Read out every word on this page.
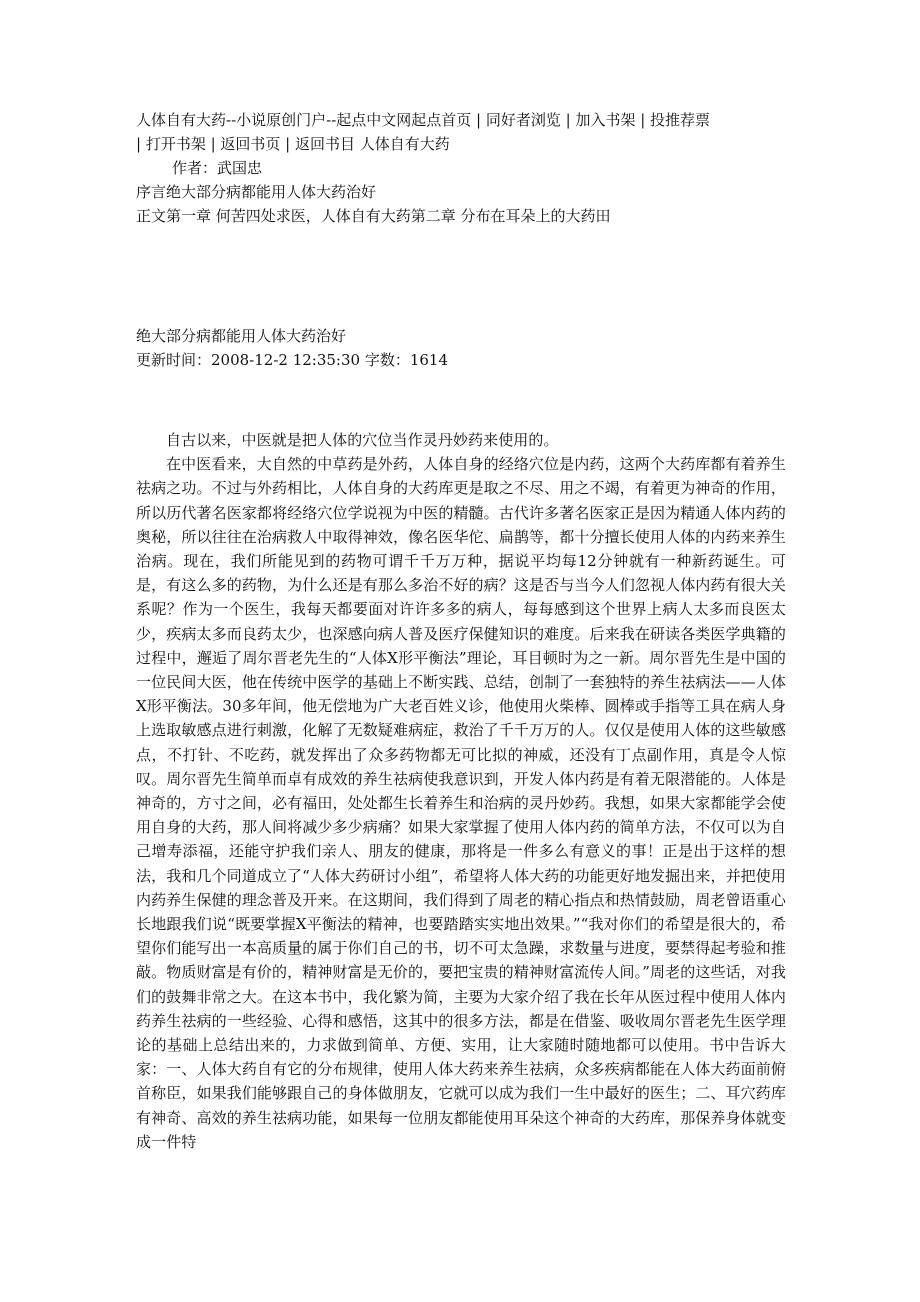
人体自有大药--小说原创门户--起点中文网起点首页 | 同好者浏览 | 加入书架 | 投推荐票

| 打开书架 | 返回书页 | 返回书目 人体自有大药

作者：武国忠

序言绝大部分病都能用人体大药治好

正文第一章 何苦四处求医，人体自有大药第二章 分布在耳朵上的大药田

绝大部分病都能用人体大药治好

更新时间：2008-12-2 12:35:30 字数：1614

自古以来，中医就是把人体的穴位当作灵丹妙药来使用的。

在中医看来，大自然的中草药是外药，人体自身的经络穴位是内药，这两个大药库都有着养生祛病之功。不过与外药相比，人体自身的大药库更是取之不尽、用之不竭，有着更为神奇的作用，所以历代著名医家都将经络穴位学说视为中医的精髓。古代许多著名医家正是因为精通人体内药的奥秘，所以往往在治病救人中取得神效，像名医华佗、扁鹊等，都十分擅长使用人体的内药来养生治病。现在，我们所能见到的药物可谓千千万万种，据说平均每12分钟就有一种新药诞生。可是，有这么多的药物，为什么还是有那么多治不好的病？这是否与当今人们忽视人体内药有很大关系呢？作为一个医生，我每天都要面对许许多多的病人，每每感到这个世界上病人太多而良医太少，疾病太多而良药太少，也深感向病人普及医疗保健知识的难度。后来我在研读各类医学典籍的过程中，邂逅了周尔晋老先生的“人体X形平衡法”理论，耳目顿时为之一新。周尔晋先生是中国的一位民间大医，他在传统中医学的基础上不断实践、总结，创制了一套独特的养生祛病法——人体X形平衡法。30多年间，他无偿地为广大老百姓义诊，他使用火柴棒、圆棒或手指等工具在病人身上选取敏感点进行刺激，化解了无数疑难病症，救治了千千万万的人。仅仅是使用人体的这些敏感点，不打针、不吃药，就发挥出了众多药物都无可比拟的神威，还没有丁点副作用，真是令人惊叹。周尔晋先生简单而卓有成效的养生祛病使我意识到，开发人体内药是有着无限潜能的。人体是神奇的，方寸之间，必有福田，处处都生长着养生和治病的灵丹妙药。我想，如果大家都能学会使用自身的大药，那人间将减少多少病痛？如果大家掌握了使用人体内药的简单方法，不仅可以为自己增寿添福，还能守护我们亲人、朋友的健康，那将是一件多么有意义的事！正是出于这样的想法，我和几个同道成立了“人体大药研讨小组”，希望将人体大药的功能更好地发掘出来，并把使用内药养生保健的理念普及开来。在这期间，我们得到了周老的精心指点和热情鼓励，周老曾语重心长地跟我们说“既要掌握X平衡法的精神，也要踏踏实实地出效果。”“我对你们的希望是很大的，希望你们能写出一本高质量的属于你们自己的书，切不可太急躁，求数量与进度，要禁得起考验和推敲。物质财富是有价的，精神财富是无价的，要把宝贵的精神财富流传人间。”周老的这些话，对我们的鼓舞非常之大。在这本书中，我化繁为简，主要为大家介绍了我在长年从医过程中使用人体内药养生祛病的一些经验、心得和感悟，这其中的很多方法，都是在借鉴、吸收周尔晋老先生医学理论的基础上总结出来的，力求做到简单、方便、实用，让大家随时随地都可以使用。书中告诉大家：一、人体大药自有它的分布规律，使用人体大药来养生祛病，众多疾病都能在人体大药面前俯首称臣，如果我们能够跟自己的身体做朋友，它就可以成为我们一生中最好的医生；二、耳穴药库有神奇、高效的养生祛病功能，如果每一位朋友都能使用耳朵这个神奇的大药库，那保养身体就变成一件特
